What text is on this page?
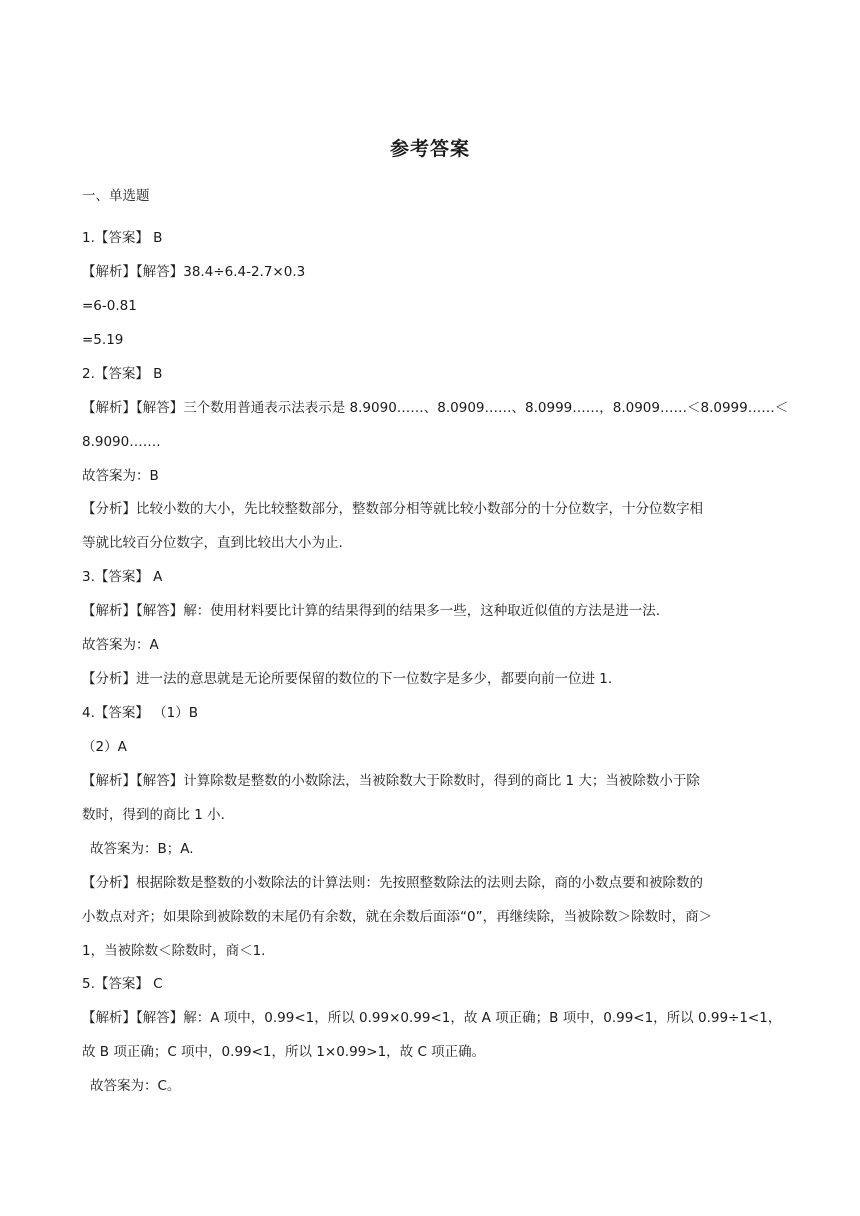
参考答案
一、单选题
1.【答案】 B
【解析】【解答】38.4÷6.4-2.7×0.3
=6-0.81
=5.19
2.【答案】 B
【解析】【解答】三个数用普通表示法表示是 8.9090……、8.0909……、8.0999……，8.0909……＜8.0999……＜
8.9090…….
故答案为：B
【分析】比较小数的大小，先比较整数部分，整数部分相等就比较小数部分的十分位数字，十分位数字相
等就比较百分位数字，直到比较出大小为止.
3.【答案】 A
【解析】【解答】解：使用材料要比计算的结果得到的结果多一些，这种取近似值的方法是进一法.
故答案为：A
【分析】进一法的意思就是无论所要保留的数位的下一位数字是多少，都要向前一位进 1.
4.【答案】 （1）B
（2）A
【解析】【解答】计算除数是整数的小数除法，当被除数大于除数时，得到的商比 1 大；当被除数小于除
数时，得到的商比 1 小.
故答案为：B；A.
【分析】根据除数是整数的小数除法的计算法则：先按照整数除法的法则去除，商的小数点要和被除数的
小数点对齐；如果除到被除数的末尾仍有余数，就在余数后面添“0”，再继续除，当被除数＞除数时，商＞
1，当被除数＜除数时，商＜1.
5.【答案】 C
【解析】【解答】解：A 项中，0.99<1，所以 0.99×0.99<1，故 A 项正确；B 项中，0.99<1，所以 0.99÷1<1，
故 B 项正确；C 项中，0.99<1，所以 1×0.99>1，故 C 项正确。
故答案为：C。
